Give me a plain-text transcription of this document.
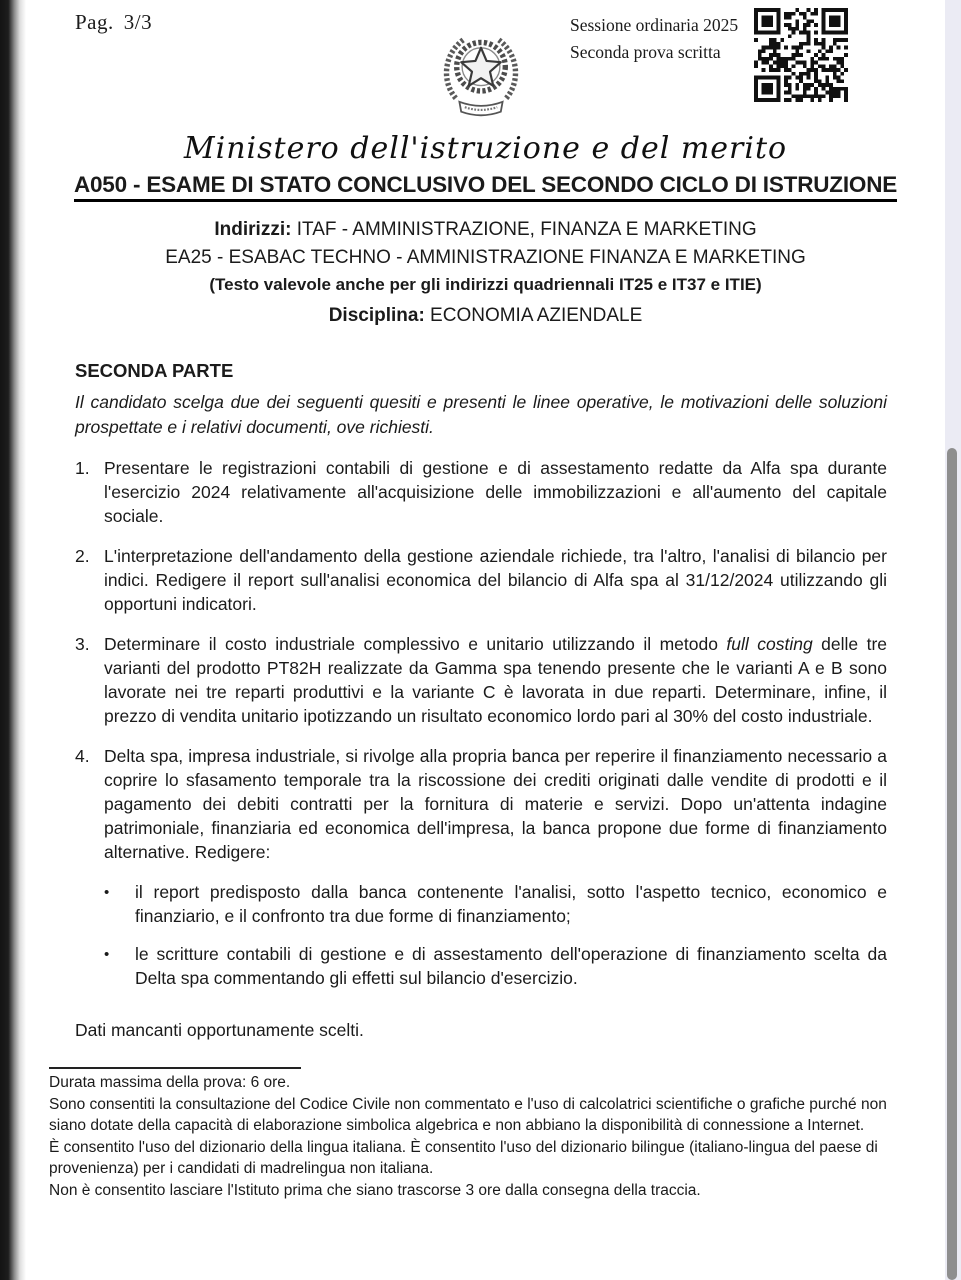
Pag. 3/3	Sessione ordinaria 2025
Seconda prova scritta
Ministero dell'istruzione e del merito
A050 - ESAME DI STATO CONCLUSIVO DEL SECONDO CICLO DI ISTRUZIONE
Indirizzi: ITAF - AMMINISTRAZIONE, FINANZA E MARKETING
EA25 - ESABAC TECHNO - AMMINISTRAZIONE FINANZA E MARKETING
(Testo valevole anche per gli indirizzi quadriennali IT25 e IT37 e ITIE)
Disciplina: ECONOMIA AZIENDALE
SECONDA PARTE

Il candidato scelga due dei seguenti quesiti e presenti le linee operative, le motivazioni delle soluzioni prospettate e i relativi documenti, ove richiesti.

1. Presentare le registrazioni contabili di gestione e di assestamento redatte da Alfa spa durante l'esercizio 2024 relativamente all'acquisizione delle immobilizzazioni e all'aumento del capitale sociale.
2. L'interpretazione dell'andamento della gestione aziendale richiede, tra l'altro, l'analisi di bilancio per indici. Redigere il report sull'analisi economica del bilancio di Alfa spa al 31/12/2024 utilizzando gli opportuni indicatori.
3. Determinare il costo industriale complessivo e unitario utilizzando il metodo full costing delle tre varianti del prodotto PT82H realizzate da Gamma spa tenendo presente che le varianti A e B sono lavorate nei tre reparti produttivi e la variante C è lavorata in due reparti. Determinare, infine, il prezzo di vendita unitario ipotizzando un risultato economico lordo pari al 30% del costo industriale.
4. Delta spa, impresa industriale, si rivolge alla propria banca per reperire il finanziamento necessario a coprire lo sfasamento temporale tra la riscossione dei crediti originati dalle vendite di prodotti e il pagamento dei debiti contratti per la fornitura di materie e servizi. Dopo un'attenta indagine patrimoniale, finanziaria ed economica dell'impresa, la banca propone due forme di finanziamento alternative. Redigere:
•	il report predisposto dalla banca contenente l'analisi, sotto l'aspetto tecnico, economico e finanziario, e il confronto tra due forme di finanziamento;
•	le scritture contabili di gestione e di assestamento dell'operazione di finanziamento scelta da Delta spa commentando gli effetti sul bilancio d'esercizio.

Dati mancanti opportunamente scelti.

Durata massima della prova: 6 ore.

Sono consentiti la consultazione del Codice Civile non commentato e l'uso di calcolatrici scientifiche o grafiche purché non siano dotate della capacità di elaborazione simbolica algebrica e non abbiano la disponibilità di connessione a Internet.

È consentito l'uso del dizionario della lingua italiana. È consentito l'uso del dizionario bilingue (italiano-lingua del paese di provenienza) per i candidati di madrelingua non italiana.

Non è consentito lasciare l'Istituto prima che siano trascorse 3 ore dalla consegna della traccia.
